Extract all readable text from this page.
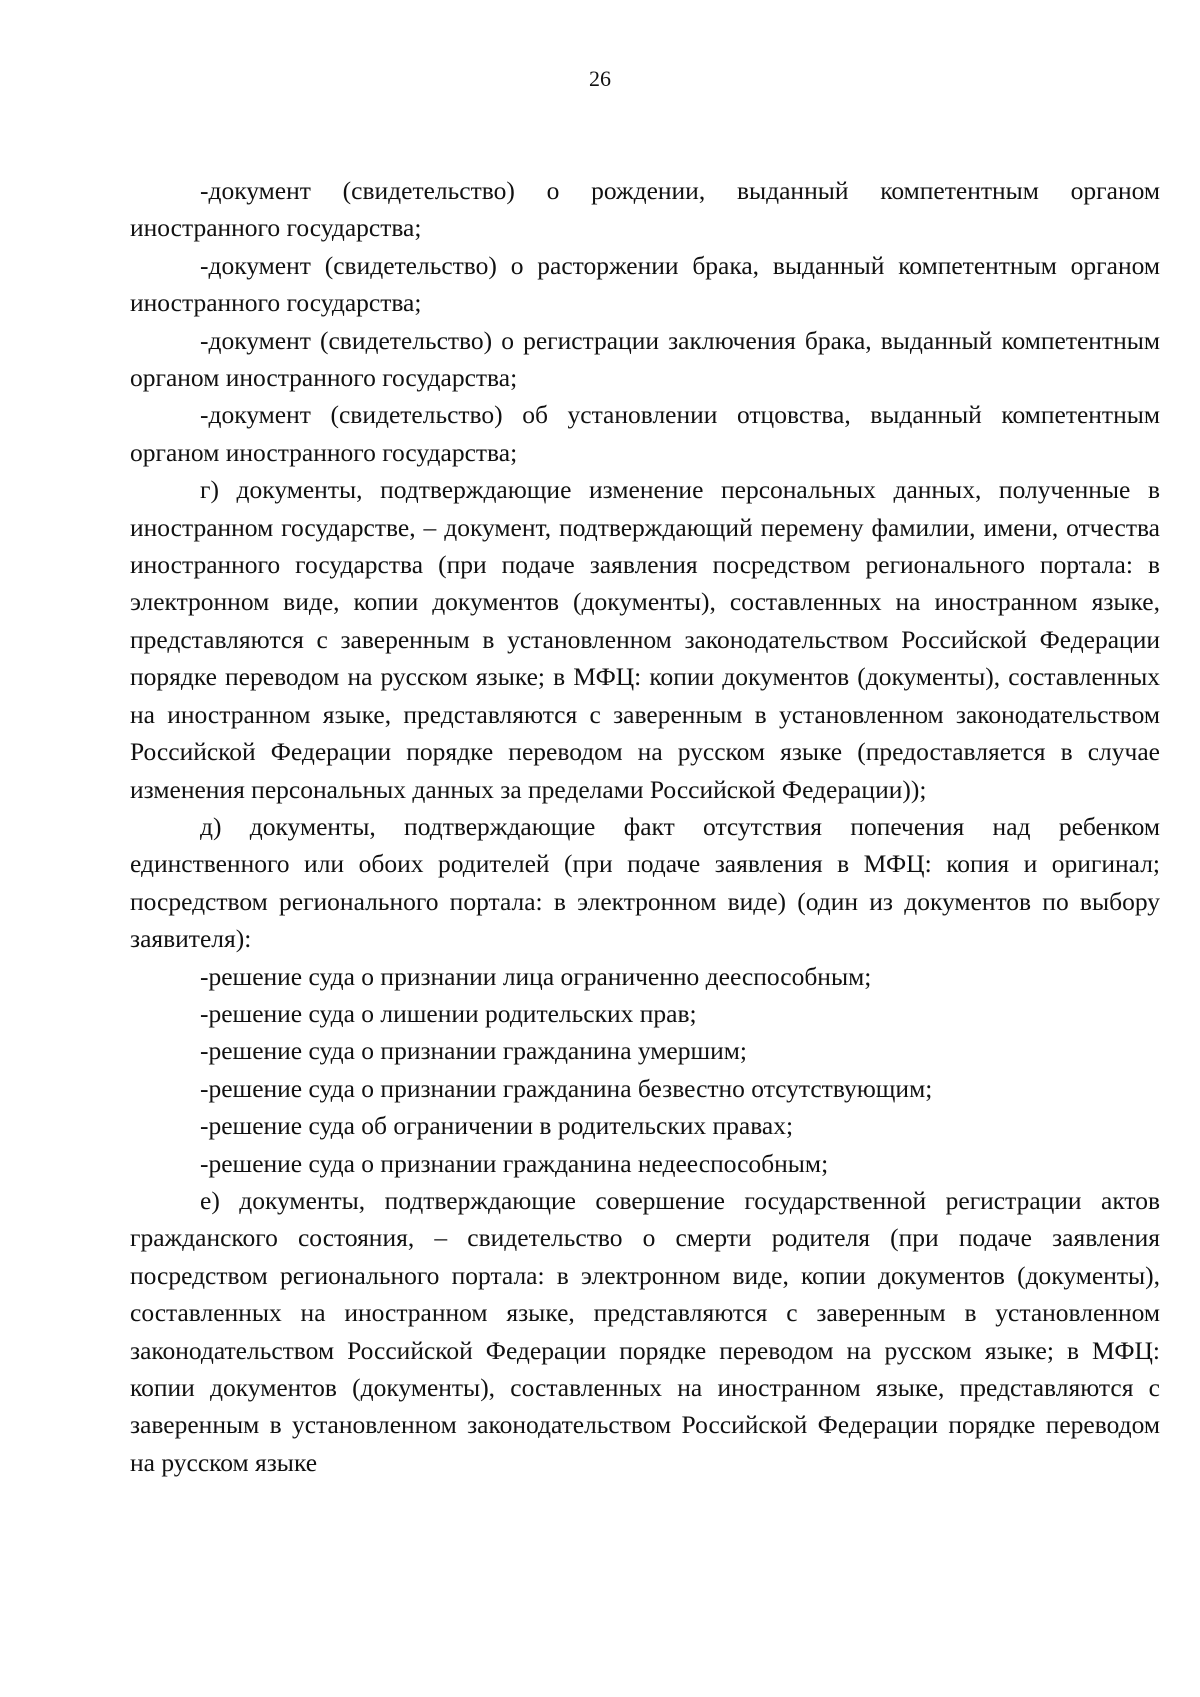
26

-документ (свидетельство) о рождении, выданный компетентным органом иностранного государства;

-документ (свидетельство) о расторжении брака, выданный компетентным органом иностранного государства;

-документ (свидетельство) о регистрации заключения брака, выданный компетентным органом иностранного государства;

-документ (свидетельство) об установлении отцовства, выданный компетентным органом иностранного государства;

г) документы, подтверждающие изменение персональных данных, полученные в иностранном государстве, – документ, подтверждающий перемену фамилии, имени, отчества иностранного государства (при подаче заявления посредством регионального портала: в электронном виде, копии документов (документы), составленных на иностранном языке, представляются с заверенным в установленном законодательством Российской Федерации порядке переводом на русском языке; в МФЦ: копии документов (документы), составленных на иностранном языке, представляются с заверенным в установленном законодательством Российской Федерации порядке переводом на русском языке (предоставляется в случае изменения персональных данных за пределами Российской Федерации));

д) документы, подтверждающие факт отсутствия попечения над ребенком единственного или обоих родителей (при подаче заявления в МФЦ: копия и оригинал; посредством регионального портала: в электронном виде) (один из документов по выбору заявителя):

-решение суда о признании лица ограниченно дееспособным;

-решение суда о лишении родительских прав;

-решение суда о признании гражданина умершим;

-решение суда о признании гражданина безвестно отсутствующим;

-решение суда об ограничении в родительских правах;

-решение суда о признании гражданина недееспособным;

е) документы, подтверждающие совершение государственной регистрации актов гражданского состояния, – свидетельство о смерти родителя (при подаче заявления посредством регионального портала: в электронном виде, копии документов (документы), составленных на иностранном языке, представляются с заверенным в установленном законодательством Российской Федерации порядке переводом на русском языке; в МФЦ: копии документов (документы), составленных на иностранном языке, представляются с заверенным в установленном законодательством Российской Федерации порядке переводом на русском языке
